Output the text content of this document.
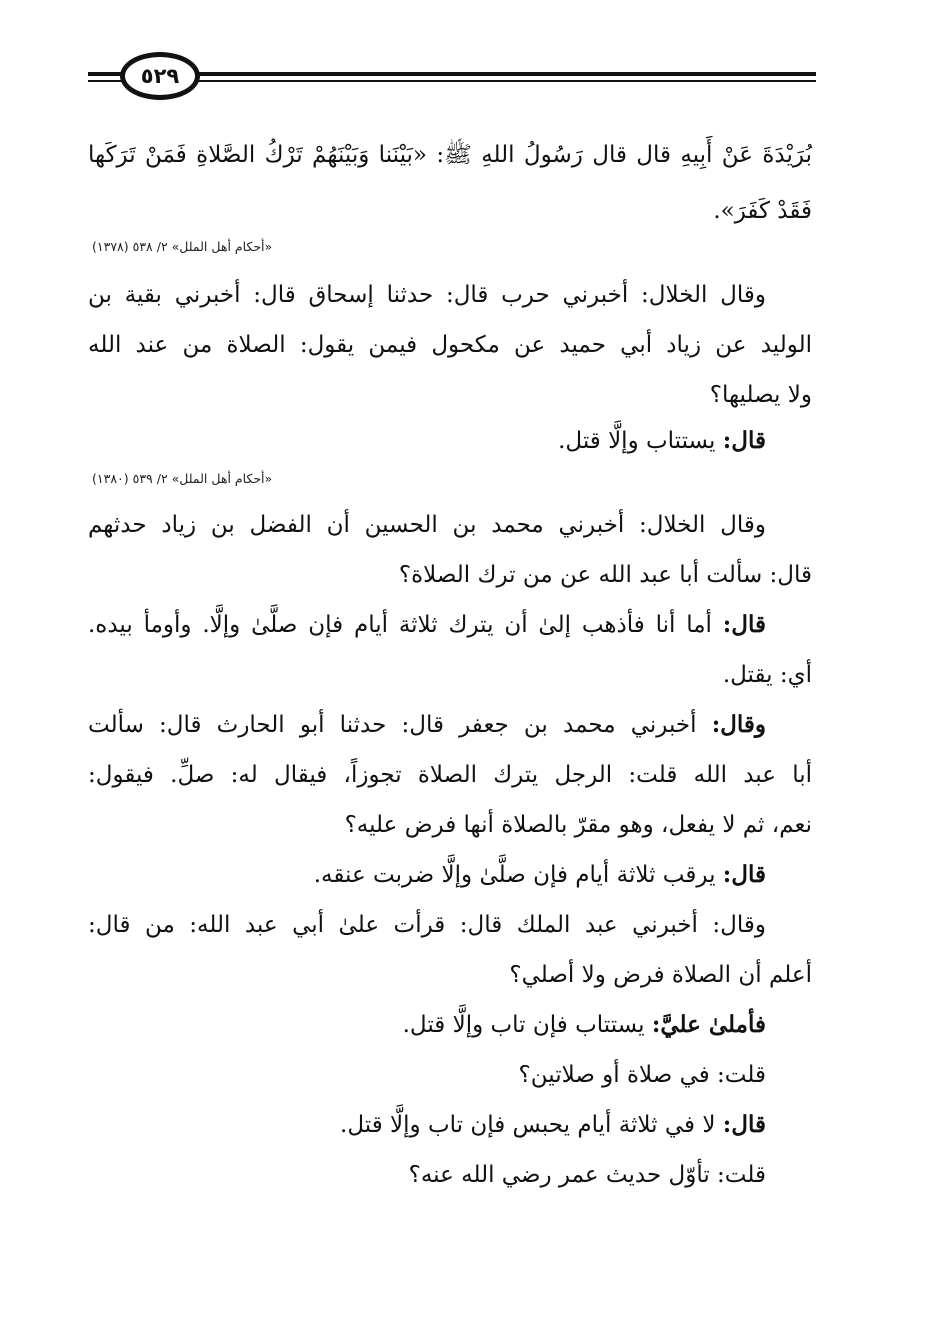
٥٢٩
بُرَيْدَةَ عَنْ أَبِيهِ قال قال رَسُولُ اللهِ ﷺ: «بَيْنَنا وَبَيْنَهُمْ تَرْكُ الصَّلاةِ فَمَنْ تَرَكَها
فَقَدْ كَفَرَ».
«أحكام أهل الملل» ٢/ ٥٣٨ (١٣٧٨)
وقال الخلال: أخبرني حرب قال: حدثنا إسحاق قال: أخبرني بقية بن
الوليد عن زياد أبي حميد عن مكحول فيمن يقول: الصلاة من عند الله
ولا يصليها؟
قال: يستتاب وإلَّا قتل.
«أحكام أهل الملل» ٢/ ٥٣٩ (١٣٨٠)
وقال الخلال: أخبرني محمد بن الحسين أن الفضل بن زياد حدثهم
قال: سألت أبا عبد الله عن من ترك الصلاة؟
قال: أما أنا فأذهب إلىٰ أن يترك ثلاثة أيام فإن صلَّىٰ وإلَّا. وأومأ بيده.
أي: يقتل.
وقال: أخبرني محمد بن جعفر قال: حدثنا أبو الحارث قال: سألت
أبا عبد الله قلت: الرجل يترك الصلاة تجوزاً، فيقال له: صلِّ. فيقول:
نعم، ثم لا يفعل، وهو مقرّ بالصلاة أنها فرض عليه؟
قال: يرقب ثلاثة أيام فإن صلَّىٰ وإلَّا ضربت عنقه.
وقال: أخبرني عبد الملك قال: قرأت علىٰ أبي عبد الله: من قال:
أعلم أن الصلاة فرض ولا أصلي؟
فأملىٰ عليَّ: يستتاب فإن تاب وإلَّا قتل.
قلت: في صلاة أو صلاتين؟
قال: لا في ثلاثة أيام يحبس فإن تاب وإلَّا قتل.
قلت: تأوّل حديث عمر رضي الله عنه؟
